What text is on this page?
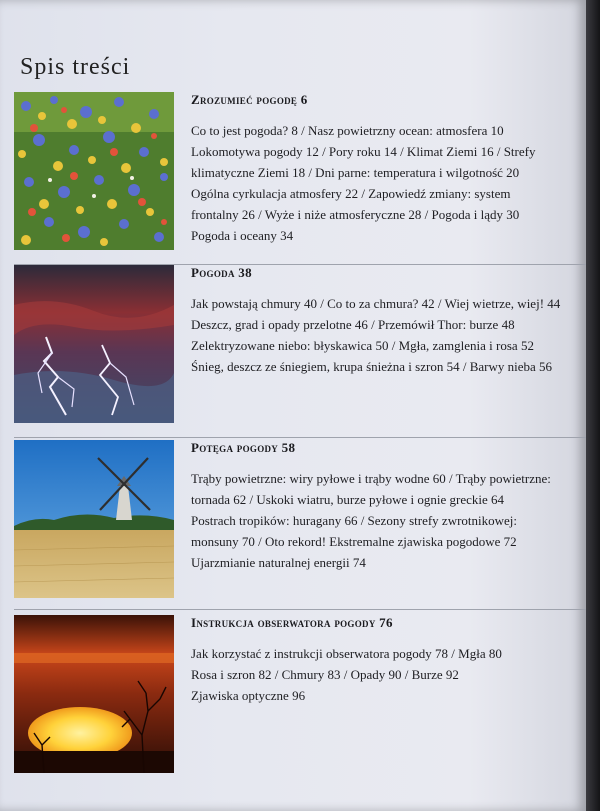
Spis treści
Zrozumieć pogodę 6

Co to jest pogoda? 8 / Nasz powietrzny ocean: atmosfera 10

Lokomotywa pogody 12 / Pory roku 14 / Klimat Ziemi 16 / Strefy

klimatyczne Ziemi 18 / Dni parne: temperatura i wilgotność 20

Ogólna cyrkulacja atmosfery 22 / Zapowiedź zmiany: system

frontalny 26 / Wyże i niże atmosferyczne 28 / Pogoda i lądy 30

Pogoda i oceany 34

Pogoda 38

Jak powstają chmury 40 / Co to za chmura? 42 / Wiej wietrze, wiej! 44

Deszcz, grad i opady przelotne 46 / Przemówił Thor: burze 48

Zelektryzowane niebo: błyskawica 50 / Mgła, zamglenia i rosa 52

Śnieg, deszcz ze śniegiem, krupa śnieżna i szron 54 / Barwy nieba 56

Potęga pogody 58

Trąby powietrzne: wiry pyłowe i trąby wodne 60 / Trąby powietrzne:

tornada 62 / Uskoki wiatru, burze pyłowe i ognie greckie 64

Postrach tropików: huragany 66 / Sezony strefy zwrotnikowej:

monsuny 70 / Oto rekord! Ekstremalne zjawiska pogodowe 72

Ujarzmianie naturalnej energii 74

Instrukcja obserwatora pogody 76

Jak korzystać z instrukcji obserwatora pogody 78 / Mgła 80

Rosa i szron 82 / Chmury 83 / Opady 90 / Burze 92

Zjawiska optyczne 96
